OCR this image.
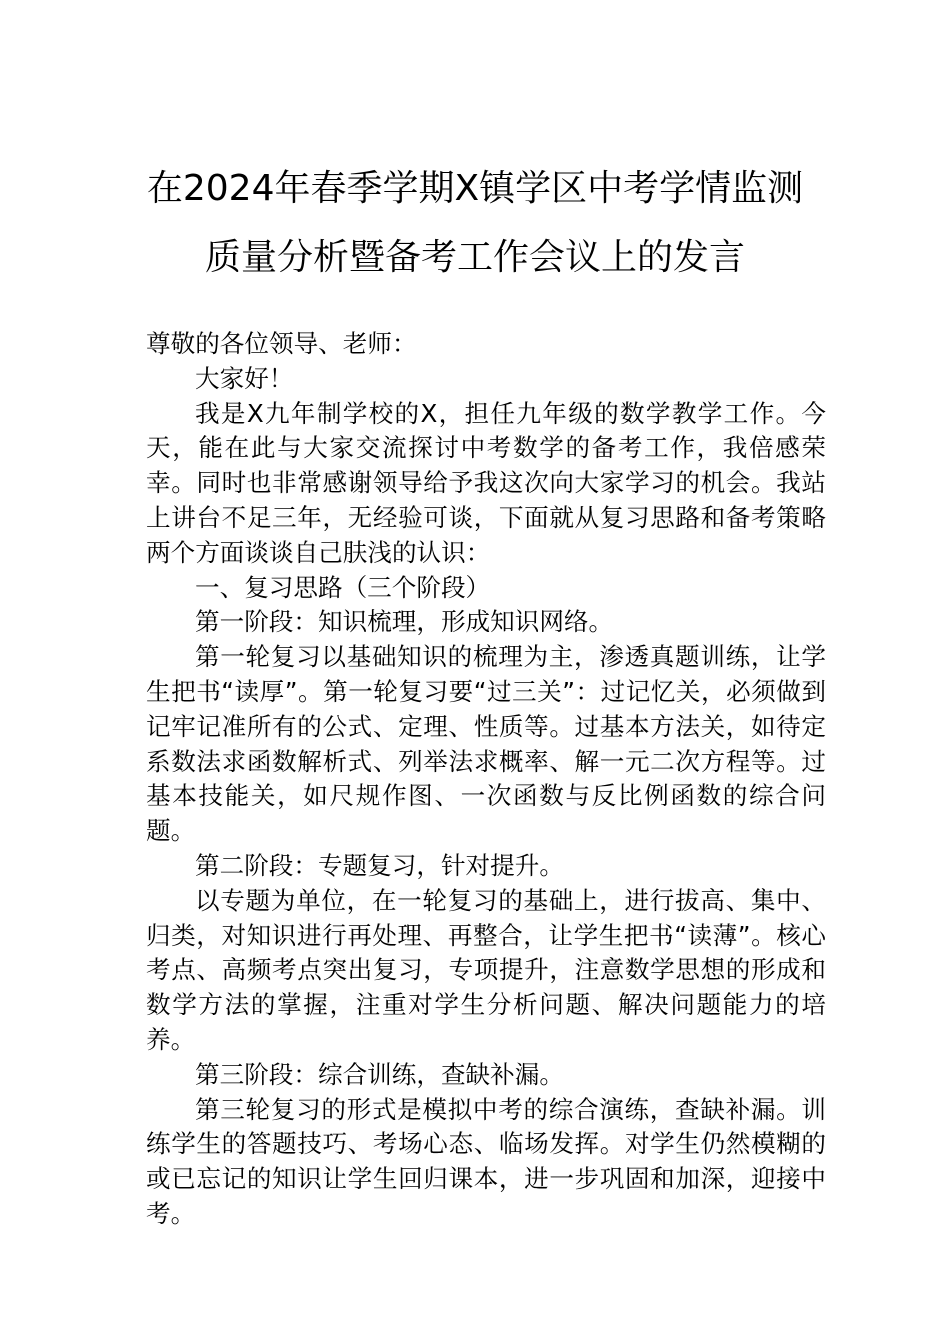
在2024年春季学期X镇学区中考学情监测
质量分析暨备考工作会议上的发言

尊敬的各位领导、老师：

大家好！

我是X九年制学校的X，担任九年级的数学教学工作。今天，能在此与大家交流探讨中考数学的备考工作，我倍感荣幸。同时也非常感谢领导给予我这次向大家学习的机会。我站上讲台不足三年，无经验可谈，下面就从复习思路和备考策略两个方面谈谈自己肤浅的认识：

一、复习思路（三个阶段）

第一阶段：知识梳理，形成知识网络。

第一轮复习以基础知识的梳理为主，渗透真题训练，让学生把书“读厚”。第一轮复习要“过三关”：过记忆关，必须做到记牢记准所有的公式、定理、性质等。过基本方法关，如待定系数法求函数解析式、列举法求概率、解一元二次方程等。过基本技能关，如尺规作图、一次函数与反比例函数的综合问题。

第二阶段：专题复习，针对提升。

以专题为单位，在一轮复习的基础上，进行拔高、集中、归类，对知识进行再处理、再整合，让学生把书“读薄”。核心考点、高频考点突出复习，专项提升，注意数学思想的形成和数学方法的掌握，注重对学生分析问题、解决问题能力的培养。

第三阶段：综合训练，查缺补漏。

第三轮复习的形式是模拟中考的综合演练，查缺补漏。训练学生的答题技巧、考场心态、临场发挥。对学生仍然模糊的或已忘记的知识让学生回归课本，进一步巩固和加深，迎接中考。
